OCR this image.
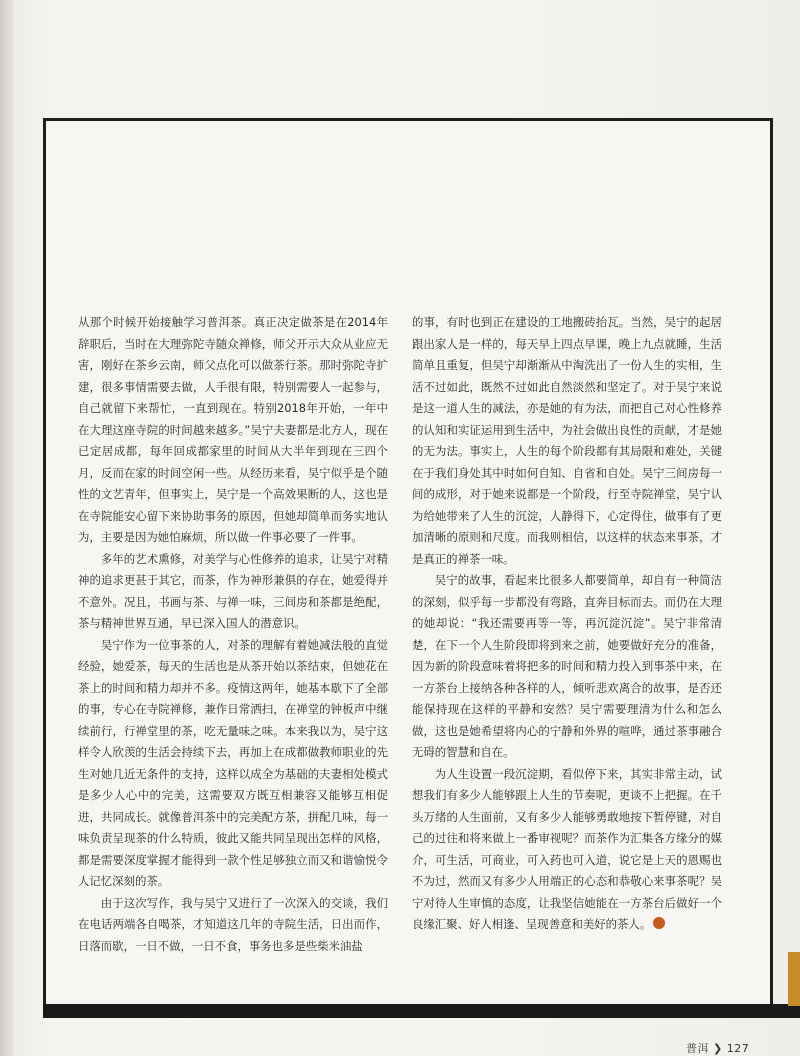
从那个时候开始接触学习普洱茶。真正决定做茶是在2014年辞职后，当时在大理弥陀寺随众禅修，师父开示大众从业应无害，刚好在茶乡云南，师父点化可以做茶行茶。那时弥陀寺扩建，很多事情需要去做，人手很有限，特别需要人一起参与，自己就留下来帮忙，一直到现在。特别2018年开始，一年中在大理这座寺院的时间越来越多。”吴宁夫妻都是北方人，现在已定居成都，每年回成都家里的时间从大半年到现在三四个月，反而在家的时间空闲一些。从经历来看，吴宁似乎是个随性的文艺青年，但事实上，吴宁是一个高效果断的人，这也是在寺院能安心留下来协助事务的原因，但她却简单而务实地认为，主要是因为她怕麻烦，所以做一件事必要了一件事。

多年的艺术熏修，对美学与心性修养的追求，让吴宁对精神的追求更甚于其它，而茶，作为神形兼俱的存在，她爱得并不意外。况且，书画与茶、与禅一味，三间房和茶都是绝配，茶与精神世界互通，早已深入国人的潜意识。

吴宁作为一位事茶的人，对茶的理解有着她减法般的直觉经验，她爱茶，每天的生活也是从茶开始以茶结束，但她花在茶上的时间和精力却并不多。疫情这两年，她基本歇下了全部的事，专心在寺院禅修，兼作日常洒扫，在禅堂的钟板声中继续前行，行禅堂里的茶，吃无量味之味。本来我以为，吴宁这样令人欣羡的生活会持续下去，再加上在成都做教师职业的先生对她几近无条件的支持，这样以成全为基础的夫妻相处模式是多少人心中的完美，这需要双方既互相兼容又能够互相促进，共同成长。就像普洱茶中的完美配方茶，拼配几味，每一味负责呈现茶的什么特质，彼此又能共同呈现出怎样的风格，都是需要深度掌握才能得到一款个性足够独立而又和谐愉悦令人记忆深刻的茶。

由于这次写作，我与吴宁又进行了一次深入的交谈，我们在电话两端各自喝茶，才知道这几年的寺院生活，日出而作，日落而歇，一日不做，一日不食，事务也多是些柴米油盐

的事，有时也到正在建设的工地搬砖抬瓦。当然，吴宁的起居跟出家人是一样的，每天早上四点早课，晚上九点就睡，生活简单且重复，但吴宁却渐渐从中淘洗出了一份人生的实相，生活不过如此，既然不过如此自然淡然和坚定了。对于吴宁来说是这一道人生的减法，亦是她的有为法，而把自己对心性修养的认知和实证运用到生活中，为社会做出良性的贡献，才是她的无为法。事实上，人生的每个阶段都有其局限和难处，关键在于我们身处其中时如何自知、自省和自处。吴宁三间房每一间的成形，对于她来说都是一个阶段，行至寺院禅堂，吴宁认为给她带来了人生的沉淀，人静得下，心定得住，做事有了更加清晰的原则和尺度。而我则相信，以这样的状态来事茶，才是真正的禅茶一味。

吴宁的故事，看起来比很多人都要简单，却自有一种简洁的深刻，似乎每一步都没有弯路，直奔目标而去。而仍在大理的她却说：“我还需要再等一等，再沉淀沉淀”。吴宁非常清楚，在下一个人生阶段即将到来之前，她要做好充分的准备，因为新的阶段意味着将把多的时间和精力投入到事茶中来，在一方茶台上接纳各种各样的人，倾听悲欢离合的故事，是否还能保持现在这样的平静和安然？吴宁需要理清为什么和怎么做，这也是她希望将内心的宁静和外界的喧哗，通过茶事融合无碍的智慧和自在。

为人生设置一段沉淀期，看似停下来，其实非常主动，试想我们有多少人能够跟上人生的节奏呢，更谈不上把握。在千头万绪的人生面前，又有多少人能够勇敢地按下暂停键，对自己的过往和将来做上一番审视呢？而茶作为汇集各方缘分的媒介，可生活，可商业，可入药也可入道，说它是上天的恩赐也不为过，然而又有多少人用端正的心态和恭敬心来事茶呢？吴宁对待人生审慎的态度，让我坚信她能在一方茶台后做好一个良缘汇聚、好人相逢、呈现善意和美好的茶人。

普洱 ❯ 127
